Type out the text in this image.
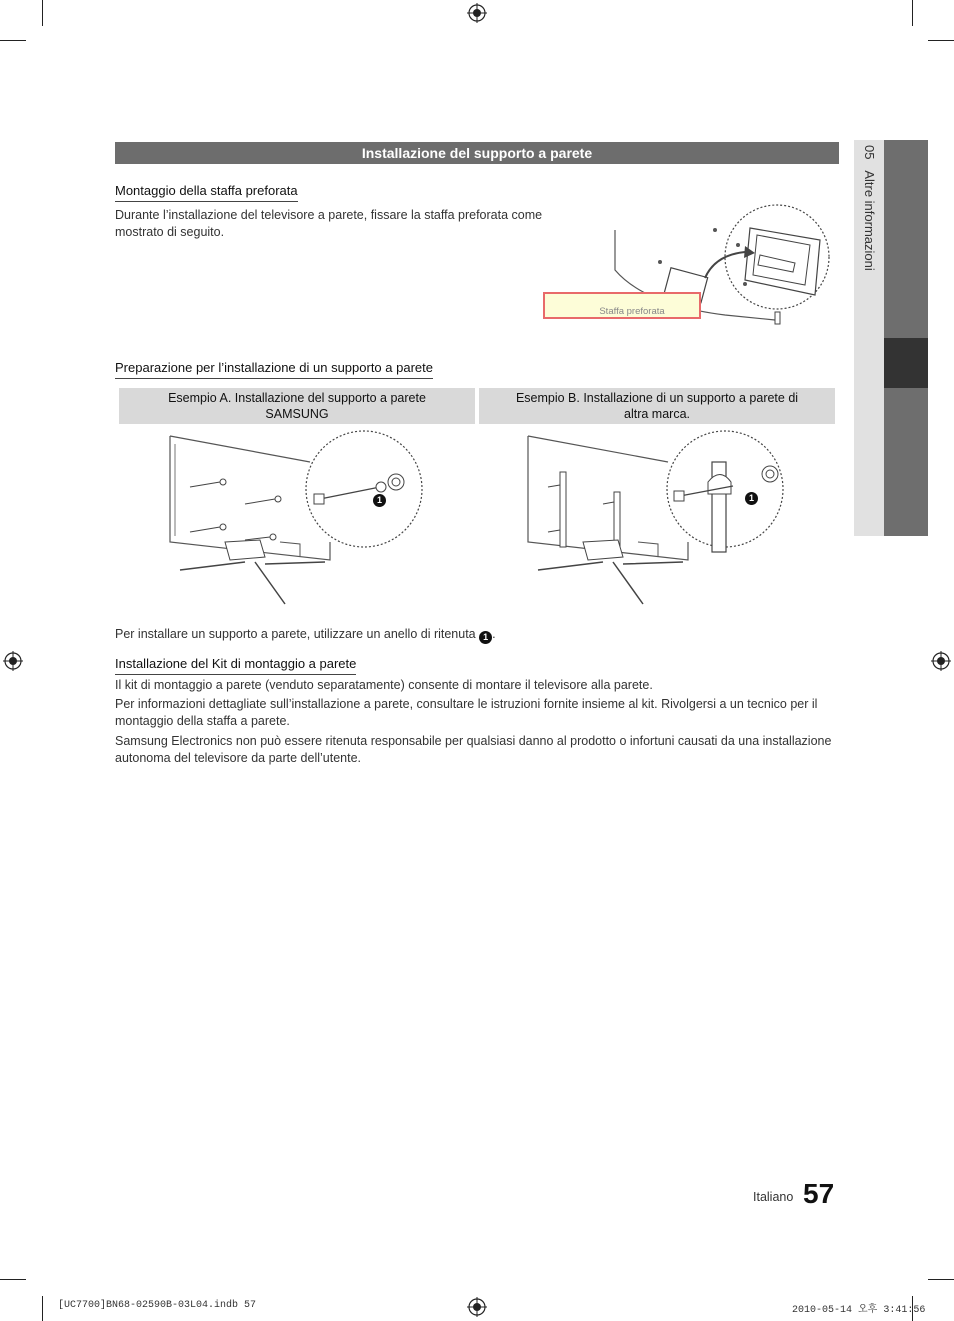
05   Altre informazioni
Installazione del supporto a parete
Montaggio della staffa preforata
Durante l’installazione del televisore a parete, fissare la staffa preforata come mostrato di seguito.
Staffa preforata
Preparazione per l’installazione di un supporto a parete
Esempio A. Installazione del supporto a parete SAMSUNG
Esempio B. Installazione di un supporto a parete di altra marca.
1	1
Per installare un supporto a parete, utilizzare un anello di ritenuta 1 .
Installazione del Kit di montaggio a parete
Il kit di montaggio a parete (venduto separatamente) consente di montare il televisore alla parete.
Per informazioni dettagliate sull’installazione a parete, consultare le istruzioni fornite insieme al kit. Rivolgersi a un tecnico per il montaggio della staffa a parete.
Samsung Electronics non può essere ritenuta responsabile per qualsiasi danno al prodotto o infortuni causati da una installazione autonoma del televisore da parte dell’utente.
Italiano 57
[UC7700]BN68-02590B-03L04.indb 57	2010-05-14 오후 3:41:56
